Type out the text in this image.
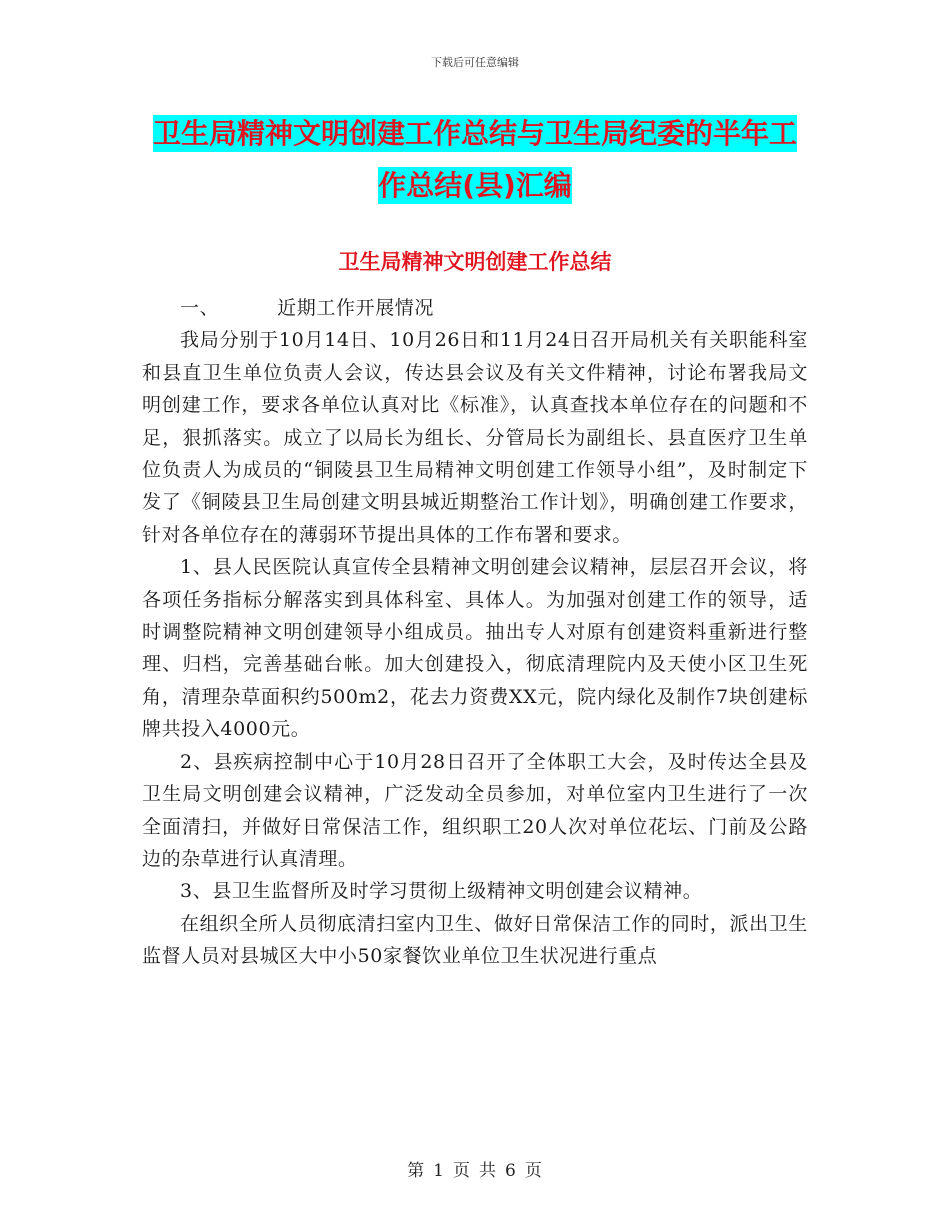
下载后可任意编辑
卫生局精神文明创建工作总结与卫生局纪委的半年工作总结(县)汇编
卫生局精神文明创建工作总结

一、	近期工作开展情况

我局分别于10月14日、10月26日和11月24日召开局机关有关职能科室和县直卫生单位负责人会议，传达县会议及有关文件精神，讨论布署我局文明创建工作，要求各单位认真对比《标准》，认真查找本单位存在的问题和不足，狠抓落实。成立了以局长为组长、分管局长为副组长、县直医疗卫生单位负责人为成员的“铜陵县卫生局精神文明创建工作领导小组”，及时制定下发了《铜陵县卫生局创建文明县城近期整治工作计划》，明确创建工作要求，针对各单位存在的薄弱环节提出具体的工作布署和要求。

1、县人民医院认真宣传全县精神文明创建会议精神，层层召开会议，将各项任务指标分解落实到具体科室、具体人。为加强对创建工作的领导，适时调整院精神文明创建领导小组成员。抽出专人对原有创建资料重新进行整理、归档，完善基础台帐。加大创建投入，彻底清理院内及天使小区卫生死角，清理杂草面积约500m2，花去力资费XX元，院内绿化及制作7块创建标牌共投入4000元。

2、县疾病控制中心于10月28日召开了全体职工大会，及时传达全县及卫生局文明创建会议精神，广泛发动全员参加，对单位室内卫生进行了一次全面清扫，并做好日常保洁工作，组织职工20人次对单位花坛、门前及公路边的杂草进行认真清理。

3、县卫生监督所及时学习贯彻上级精神文明创建会议精神。

在组织全所人员彻底清扫室内卫生、做好日常保洁工作的同时，派出卫生监督人员对县城区大中小50家餐饮业单位卫生状况进行重点

第 1 页 共 6 页
